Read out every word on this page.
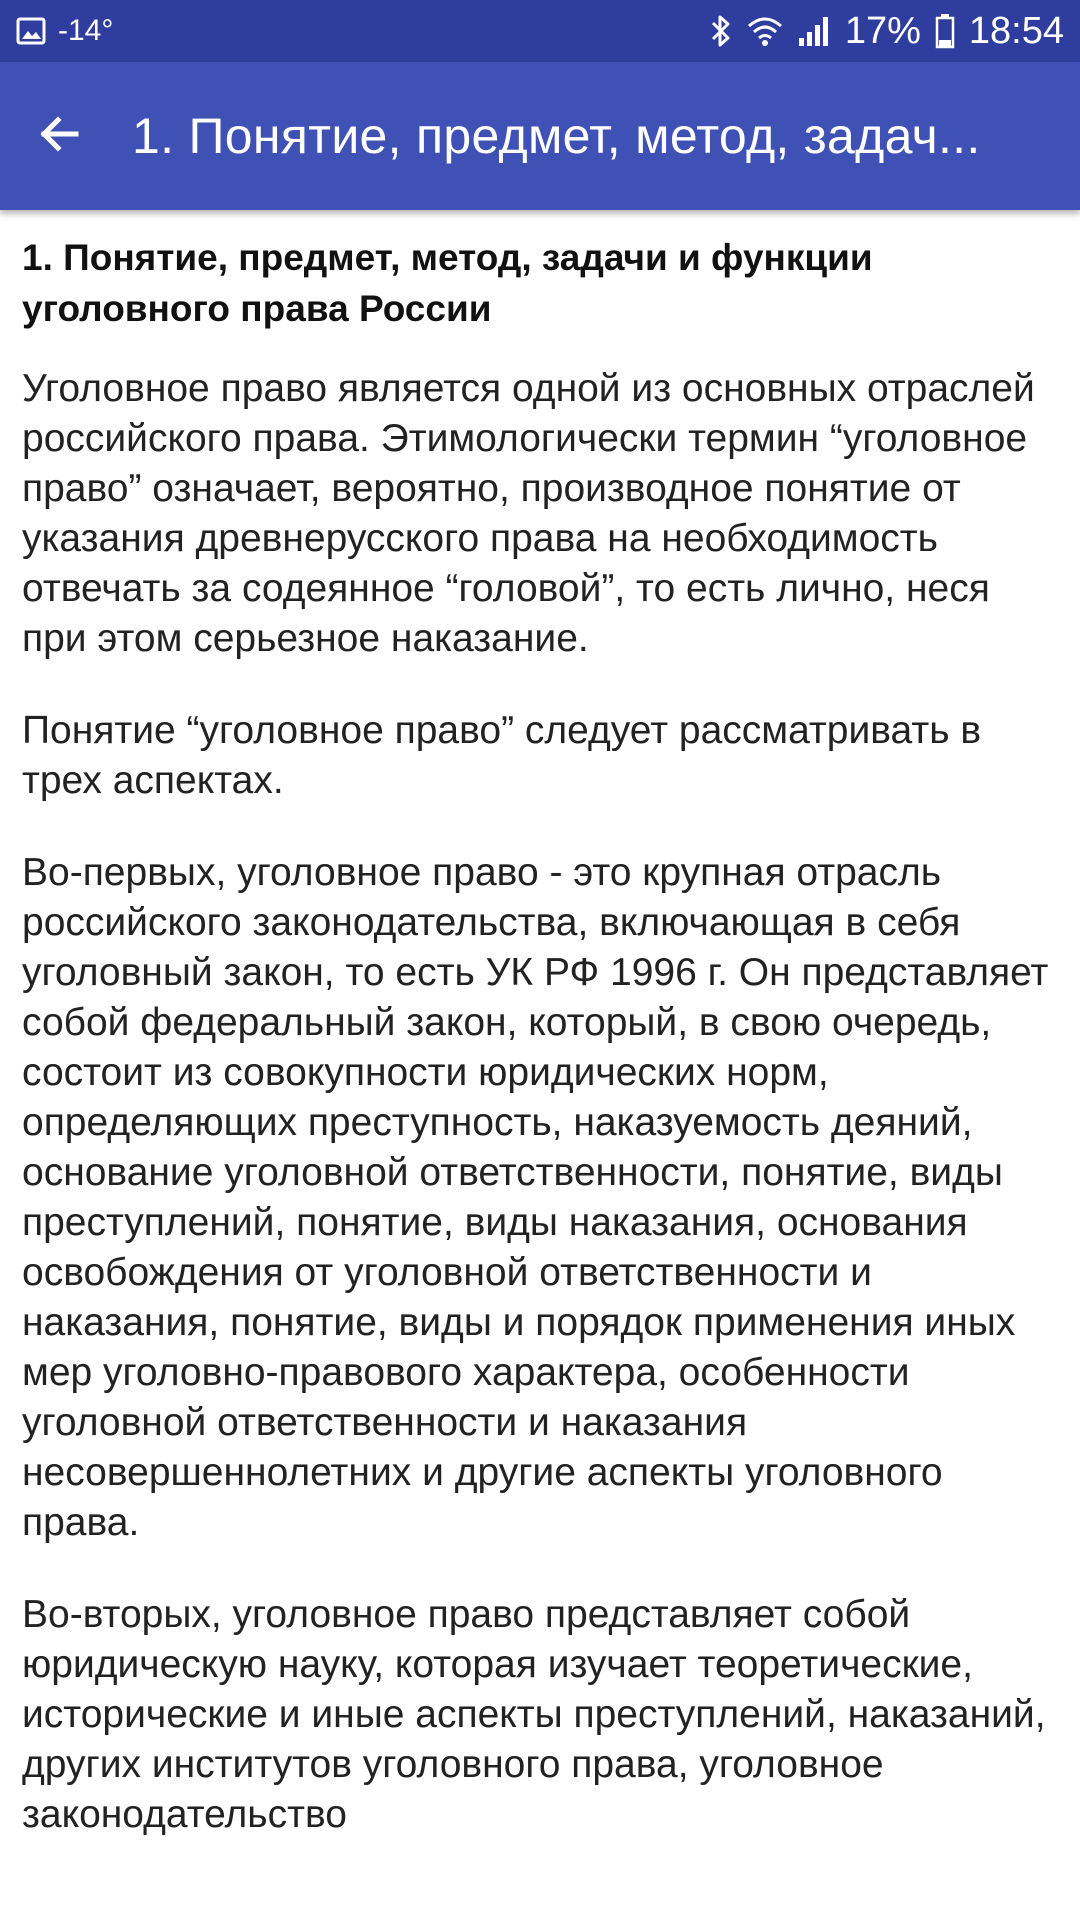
-14°	17% 18:54
1. Понятие, предмет, метод, задач...
1. Понятие, предмет, метод, задачи и функции уголовного права России

Уголовное право является одной из основных отраслей российского права. Этимологически термин “уголовное право” означает, вероятно, производное понятие от указания древнерусского права на необходимость отвечать за содеянное “головой”, то есть лично, неся при этом серьезное наказание.

Понятие “уголовное право” следует рассматривать в трех аспектах.

Во-первых, уголовное право - это крупная отрасль российского законодательства, включающая в себя уголовный закон, то есть УК РФ 1996 г. Он представляет собой федеральный закон, который, в свою очередь, состоит из совокупности юридических норм, определяющих преступность, наказуемость деяний, основание уголовной ответственности, понятие, виды преступлений, понятие, виды наказания, основания освобождения от уголовной ответственности и наказания, понятие, виды и порядок применения иных мер уголовно-правового характера, особенности уголовной ответственности и наказания несовершеннолетних и другие аспекты уголовного права.

Во-вторых, уголовное право представляет собой юридическую науку, которая изучает теоретические, исторические и иные аспекты преступлений, наказаний, других институтов уголовного права, уголовное законодательство
